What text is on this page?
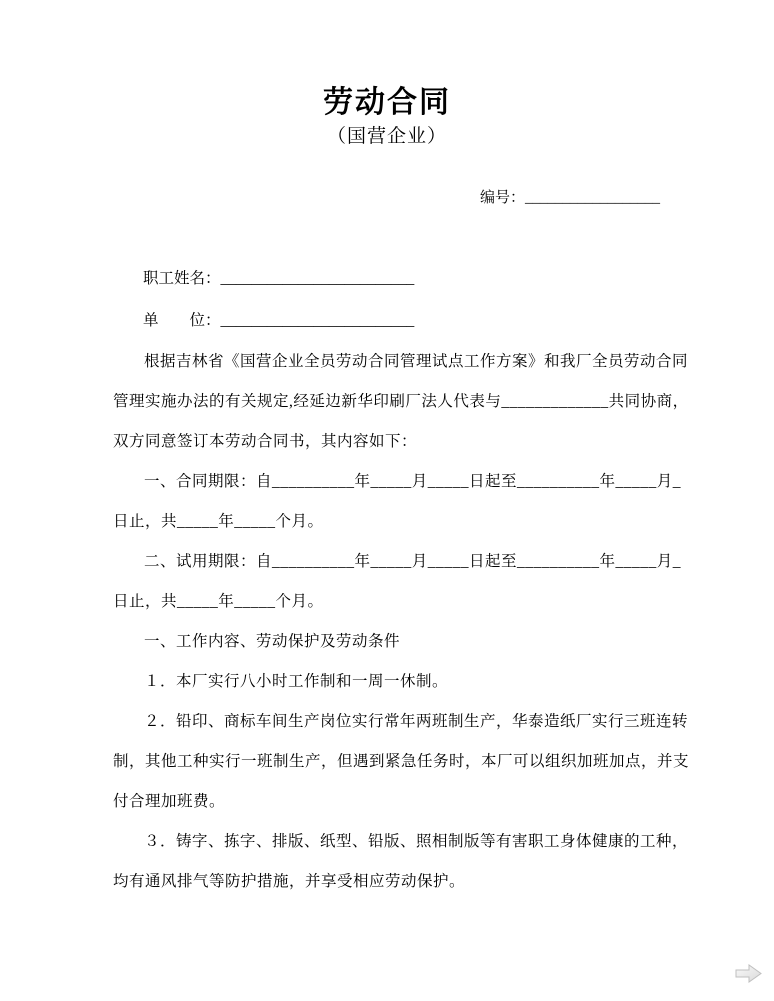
劳动合同
（国营企业）
编号：__________________
职工姓名：_________________________
单　　位：_________________________

根据吉林省《国营企业全员劳动合同管理试点工作方案》和我厂全员劳动合同

管理实施办法的有关规定,经延边新华印刷厂法人代表与_____________共同协商，

双方同意签订本劳动合同书，其内容如下：

一、合同期限：自__________年_____月_____日起至__________年_____月_

日止，共_____年_____个月。

二、试用期限：自__________年_____月_____日起至__________年_____月_

日止，共_____年_____个月。

一、工作内容、劳动保护及劳动条件

１．本厂实行八小时工作制和一周一休制。

２．铅印、商标车间生产岗位实行常年两班制生产，华泰造纸厂实行三班连转

制，其他工种实行一班制生产，但遇到紧急任务时，本厂可以组织加班加点，并支

付合理加班费。

３．铸字、拣字、排版、纸型、铅版、照相制版等有害职工身体健康的工种，

均有通风排气等防护措施，并享受相应劳动保护。
